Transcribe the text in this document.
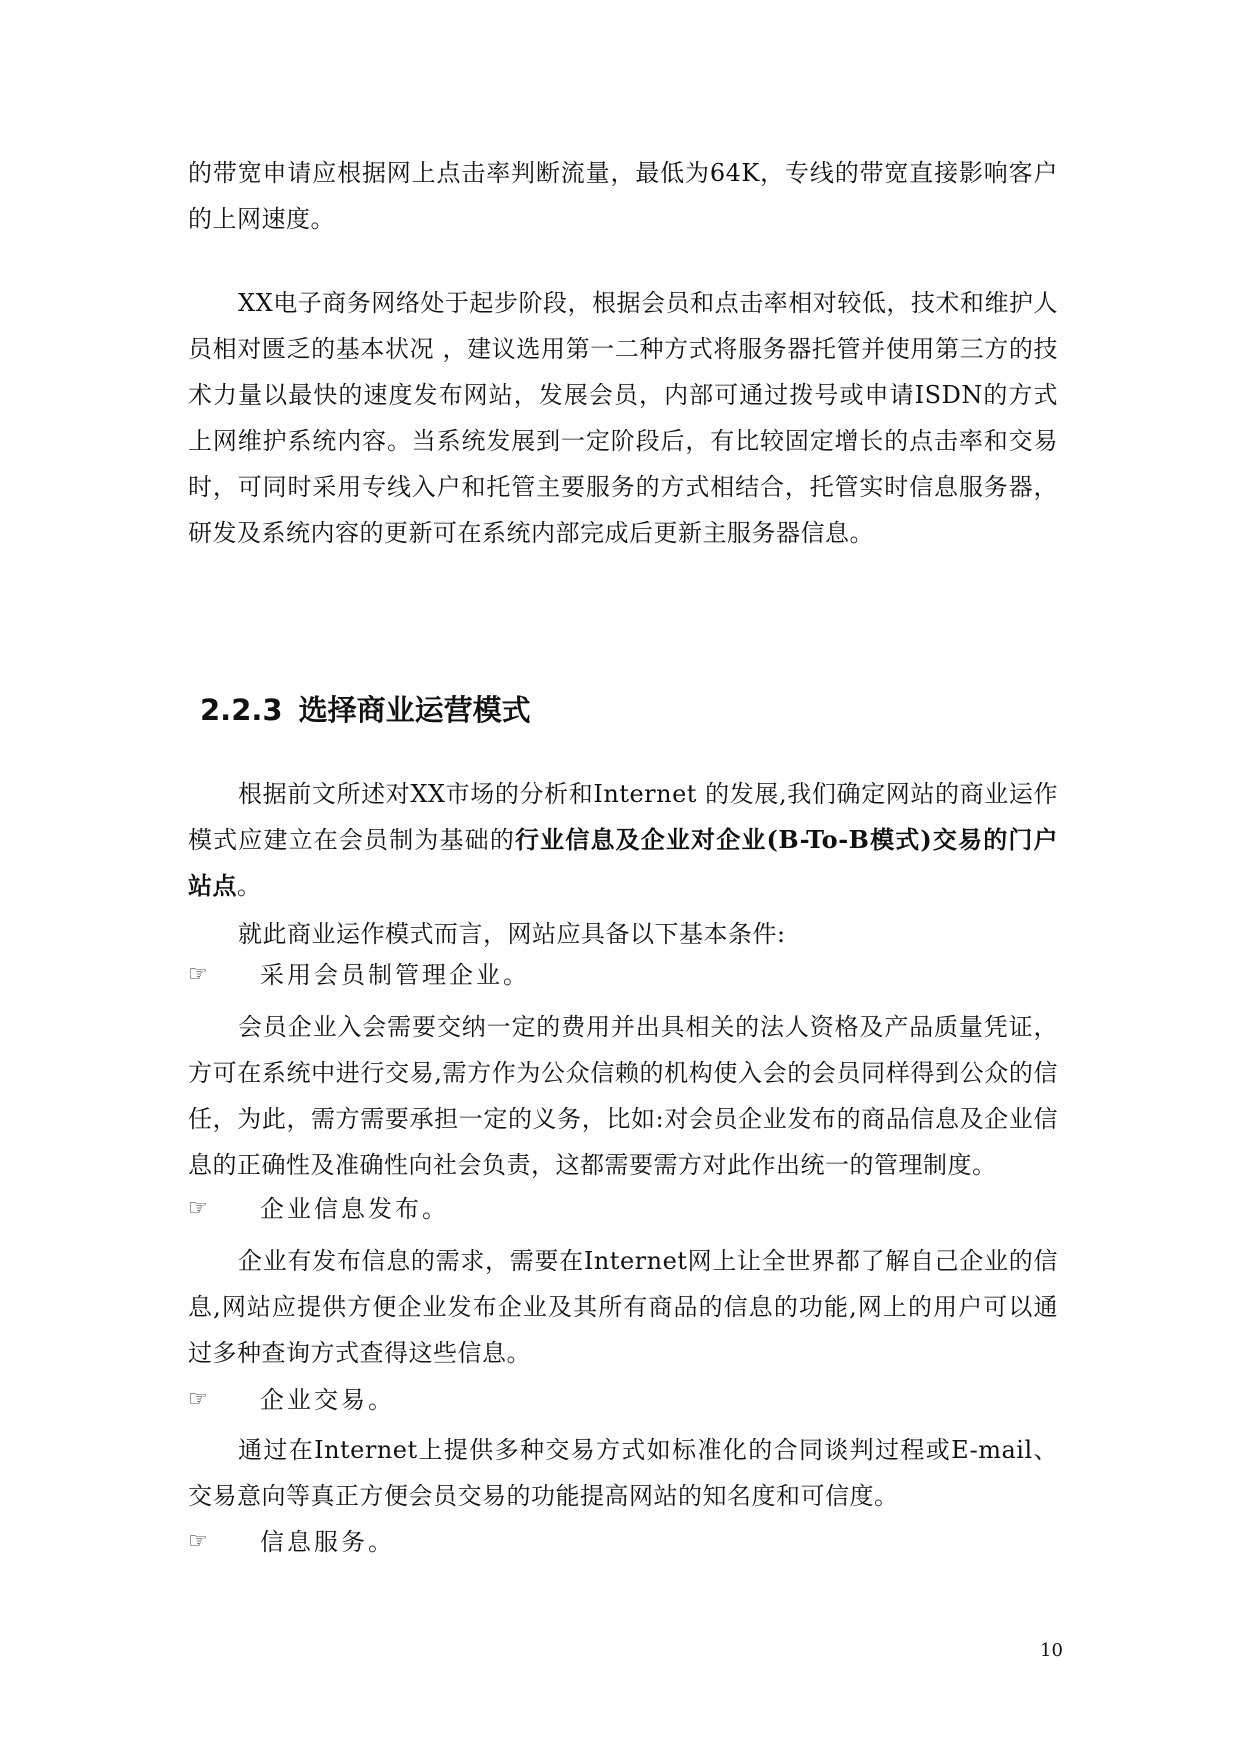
的带宽申请应根据网上点击率判断流量，最低为64K，专线的带宽直接影响客户的上网速度。

XX电子商务网络处于起步阶段，根据会员和点击率相对较低，技术和维护人员相对匮乏的基本状况 ，建议选用第一二种方式将服务器托管并使用第三方的技术力量以最快的速度发布网站，发展会员，内部可通过拨号或申请ISDN的方式上网维护系统内容。当系统发展到一定阶段后，有比较固定增长的点击率和交易时，可同时采用专线入户和托管主要服务的方式相结合，托管实时信息服务器，研发及系统内容的更新可在系统内部完成后更新主服务器信息。

2.2.3 选择商业运营模式

根据前文所述对XX市场的分析和Internet 的发展,我们确定网站的商业运作模式应建立在会员制为基础的行业信息及企业对企业(B-To-B模式)交易的门户站点。

就此商业运作模式而言，网站应具备以下基本条件:

☞ 采用会员制管理企业。

会员企业入会需要交纳一定的费用并出具相关的法人资格及产品质量凭证，方可在系统中进行交易,需方作为公众信赖的机构使入会的会员同样得到公众的信任，为此，需方需要承担一定的义务，比如:对会员企业发布的商品信息及企业信息的正确性及准确性向社会负责，这都需要需方对此作出统一的管理制度。

☞ 企业信息发布。

企业有发布信息的需求，需要在Internet网上让全世界都了解自己企业的信息,网站应提供方便企业发布企业及其所有商品的信息的功能,网上的用户可以通过多种查询方式查得这些信息。

☞ 企业交易。

通过在Internet上提供多种交易方式如标准化的合同谈判过程或E-mail、交易意向等真正方便会员交易的功能提高网站的知名度和可信度。

☞ 信息服务。
10
